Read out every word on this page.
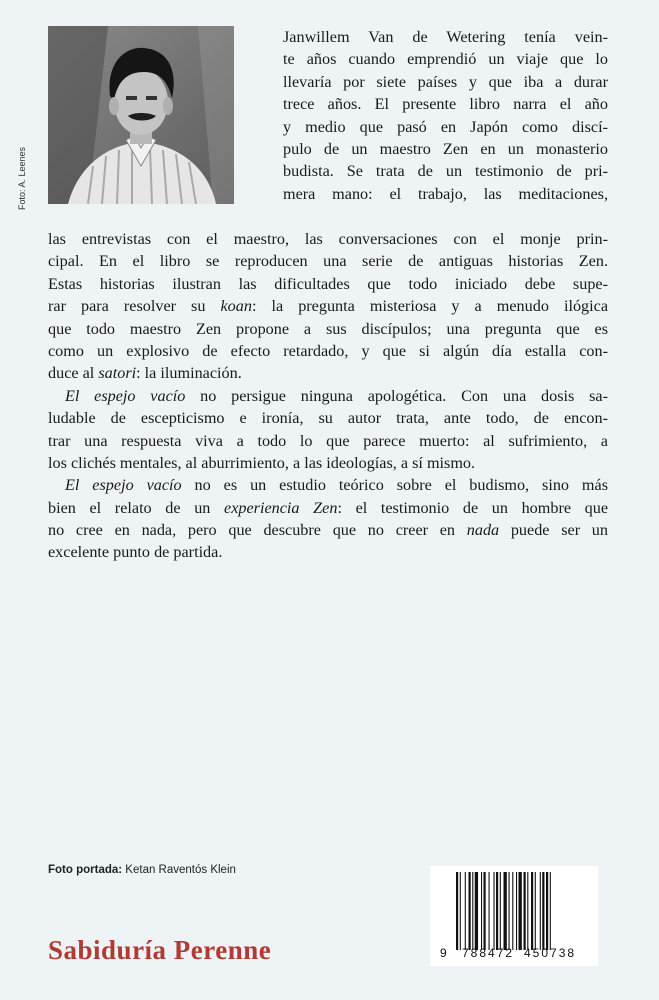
Foto: A. Leenes
Janwillem Van de Wetering tenía vein-
te años cuando emprendió un viaje que lo
llevaría por siete países y que iba a durar
trece años. El presente libro narra el año
y medio que pasó en Japón como discí-
pulo de un maestro Zen en un monasterio
budista. Se trata de un testimonio de pri-
mera mano: el trabajo, las meditaciones,
las entrevistas con el maestro, las conversaciones con el monje prin-
cipal. En el libro se reproducen una serie de antiguas historias Zen.
Estas historias ilustran las dificultades que todo iniciado debe supe-
rar para resolver su koan: la pregunta misteriosa y a menudo ilógica
que todo maestro Zen propone a sus discípulos; una pregunta que es
como un explosivo de efecto retardado, y que si algún día estalla con-
duce al satori: la iluminación.
El espejo vacío no persigue ninguna apologética. Con una dosis sa-
ludable de escepticismo e ironía, su autor trata, ante todo, de encon-
trar una respuesta viva a todo lo que parece muerto: al sufrimiento, a
los clichés mentales, al aburrimiento, a las ideologías, a sí mismo.
El espejo vacío no es un estudio teórico sobre el budismo, sino más
bien el relato de un experiencia Zen: el testimonio de un hombre que
no cree en nada, pero que descubre que no creer en nada puede ser un
excelente punto de partida.
Foto portada: Ketan Raventós Klein
Sabiduría Perenne	9 788472 450738
